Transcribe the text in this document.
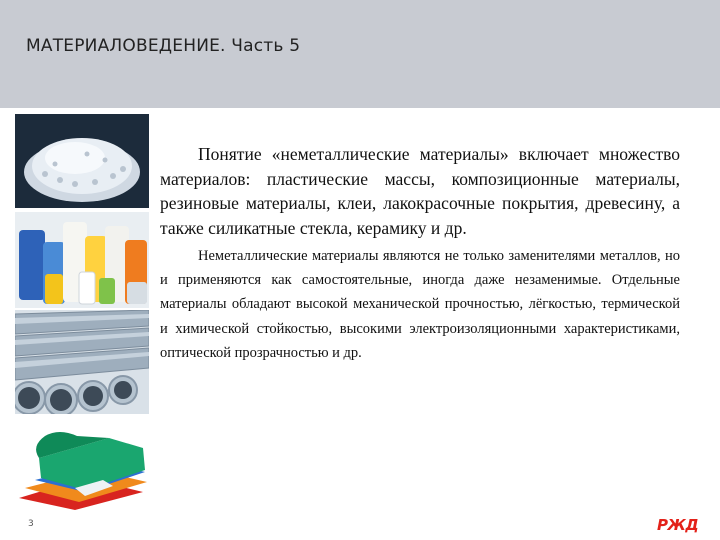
МАТЕРИАЛОВЕДЕНИЕ. Часть 5

Понятие «неметаллические материалы» включает множество материалов: пластические массы, композиционные материалы, резиновые материалы, клеи, лакокрасочные покрытия, древесину, а также силикатные стекла, керамику и др.

Неметаллические материалы являются не только заменителями металлов, но и применяются как самостоятельные, иногда даже незаменимые. Отдельные материалы обладают высокой механической прочностью, лёгкостью, термической и химической стойкостью, высокими электроизоляционными характеристиками, оптической прозрачностью и др.

3	РЖД
